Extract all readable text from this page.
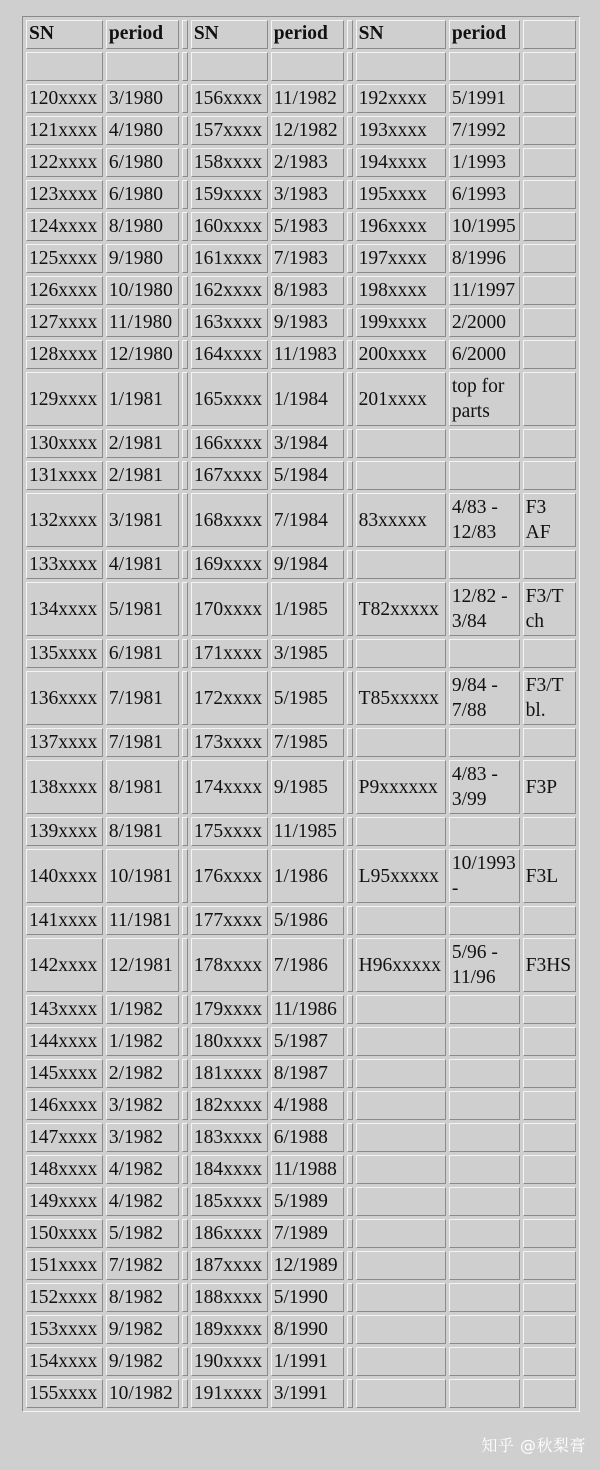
SN	period		SN	period		SN	period	

120xxxx	3/1980		156xxxx	11/1982		192xxxx	5/1991	
121xxxx	4/1980		157xxxx	12/1982		193xxxx	7/1992	
122xxxx	6/1980		158xxxx	2/1983		194xxxx	1/1993	
123xxxx	6/1980		159xxxx	3/1983		195xxxx	6/1993	
124xxxx	8/1980		160xxxx	5/1983		196xxxx	10/1995	
125xxxx	9/1980		161xxxx	7/1983		197xxxx	8/1996	
126xxxx	10/1980		162xxxx	8/1983		198xxxx	11/1997	
127xxxx	11/1980		163xxxx	9/1983		199xxxx	2/2000	
128xxxx	12/1980		164xxxx	11/1983		200xxxx	6/2000	
129xxxx	1/1981		165xxxx	1/1984		201xxxx	top for parts	
130xxxx	2/1981		166xxxx	3/1984				
131xxxx	2/1981		167xxxx	5/1984				
132xxxx	3/1981		168xxxx	7/1984		83xxxxx	4/83 - 12/83	F3 AF
133xxxx	4/1981		169xxxx	9/1984				
134xxxx	5/1981		170xxxx	1/1985		T82xxxxx	12/82 - 3/84	F3/T ch
135xxxx	6/1981		171xxxx	3/1985				
136xxxx	7/1981		172xxxx	5/1985		T85xxxxx	9/84 - 7/88	F3/T bl.
137xxxx	7/1981		173xxxx	7/1985				
138xxxx	8/1981		174xxxx	9/1985		P9xxxxxx	4/83 - 3/99	F3P
139xxxx	8/1981		175xxxx	11/1985				
140xxxx	10/1981		176xxxx	1/1986		L95xxxxx	10/1993 -	F3L
141xxxx	11/1981		177xxxx	5/1986				
142xxxx	12/1981		178xxxx	7/1986		H96xxxxx	5/96 - 11/96	F3HS
143xxxx	1/1982		179xxxx	11/1986				
144xxxx	1/1982		180xxxx	5/1987				
145xxxx	2/1982		181xxxx	8/1987				
146xxxx	3/1982		182xxxx	4/1988				
147xxxx	3/1982		183xxxx	6/1988				
148xxxx	4/1982		184xxxx	11/1988				
149xxxx	4/1982		185xxxx	5/1989				
150xxxx	5/1982		186xxxx	7/1989				
151xxxx	7/1982		187xxxx	12/1989				
152xxxx	8/1982		188xxxx	5/1990				
153xxxx	9/1982		189xxxx	8/1990				
154xxxx	9/1982		190xxxx	1/1991				
155xxxx	10/1982		191xxxx	3/1991				
知乎 @秋梨膏
